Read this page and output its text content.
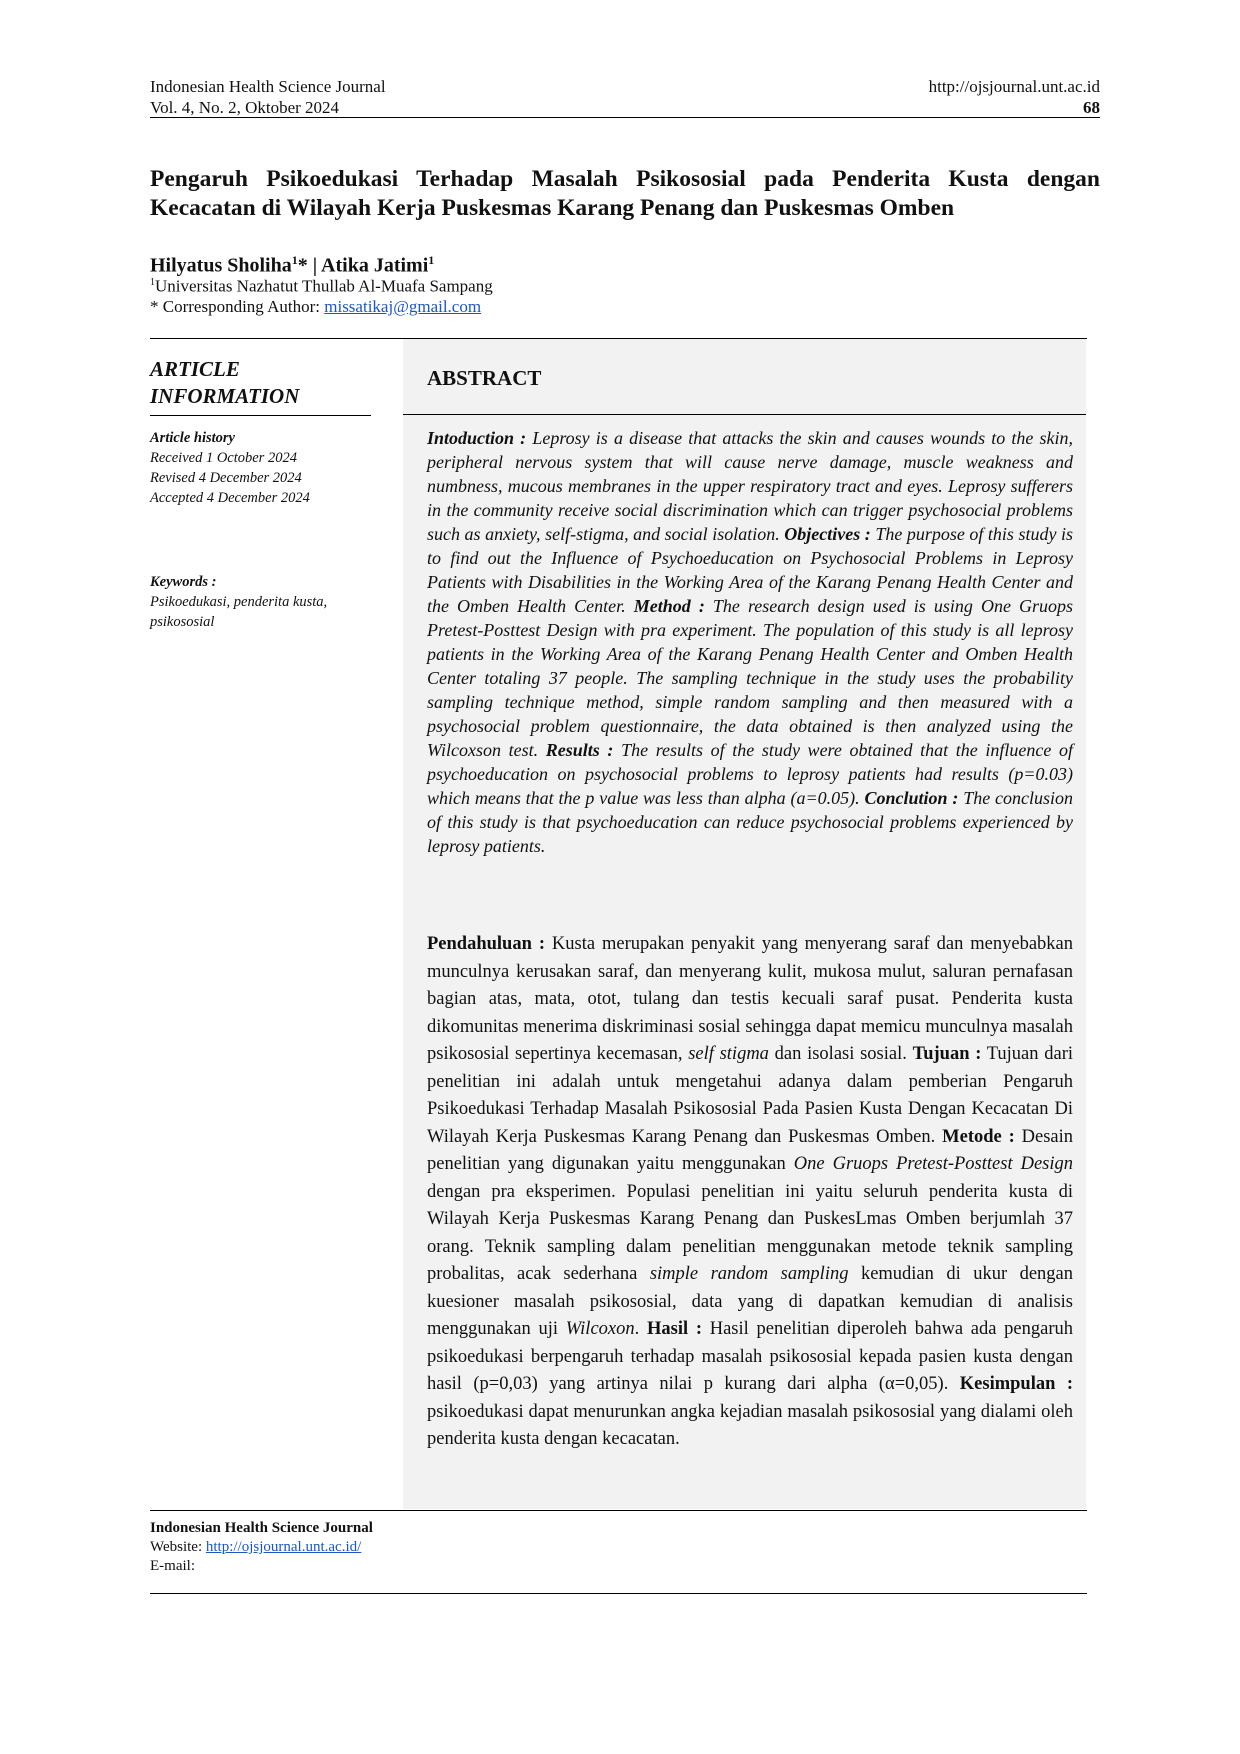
Indonesian Health Science Journal
Vol. 4, No. 2, Oktober 2024
http://ojsjournal.unt.ac.id
68
Pengaruh Psikoedukasi Terhadap Masalah Psikososial pada Penderita Kusta dengan
Kecacatan di Wilayah Kerja Puskesmas Karang Penang dan Puskesmas Omben
Hilyatus Sholiha$^1$* | Atika Jatimi$^1$
$^1$Universitas Nazhatut Thullab Al-Muafa Sampang
* Corresponding Author: missatikaj@gmail.com
ARTICLE INFORMATION
Article history
Received 1 October 2024
Revised 4 December 2024
Accepted 4 December 2024
Keywords :
Psikoedukasi, penderita kusta, psikososial
ABSTRACT
Intoduction : Leprosy is a disease that attacks the skin and causes wounds to the skin, peripheral nervous system that will cause nerve damage, muscle weakness and numbness, mucous membranes in the upper respiratory tract and eyes. Leprosy sufferers in the community receive social discrimination which can trigger psychosocial problems such as anxiety, self-stigma, and social isolation. Objectives : The purpose of this study is to find out the Influence of Psychoeducation on Psychosocial Problems in Leprosy Patients with Disabilities in the Working Area of the Karang Penang Health Center and the Omben Health Center. Method : The research design used is using One Gruops Pretest-Posttest Design with pra experiment. The population of this study is all leprosy patients in the Working Area of the Karang Penang Health Center and Omben Health Center totaling 37 people. The sampling technique in the study uses the probability sampling technique method, simple random sampling and then measured with a psychosocial problem questionnaire, the data obtained is then analyzed using the Wilcoxson test. Results : The results of the study were obtained that the influence of psychoeducation on psychosocial problems to leprosy patients had results (p=0.03) which means that the p value was less than alpha (a=0.05). Conclution : The conclusion of this study is that psychoeducation can reduce psychosocial problems experienced by leprosy patients.
Pendahuluan : Kusta merupakan penyakit yang menyerang saraf dan menyebabkan munculnya kerusakan saraf, dan menyerang kulit, mukosa mulut, saluran pernafasan bagian atas, mata, otot, tulang dan testis kecuali saraf pusat. Penderita kusta dikomunitas menerima diskriminasi sosial sehingga dapat memicu munculnya masalah psikososial sepertinya kecemasan, self stigma dan isolasi sosial. Tujuan : Tujuan dari penelitian ini adalah untuk mengetahui adanya dalam pemberian Pengaruh Psikoedukasi Terhadap Masalah Psikososial Pada Pasien Kusta Dengan Kecacatan Di Wilayah Kerja Puskesmas Karang Penang dan Puskesmas Omben. Metode : Desain penelitian yang digunakan yaitu menggunakan One Gruops Pretest-Posttest Design dengan pra eksperimen. Populasi penelitian ini yaitu seluruh penderita kusta di Wilayah Kerja Puskesmas Karang Penang dan PuskesLmas Omben berjumlah 37 orang. Teknik sampling dalam penelitian menggunakan metode teknik sampling probalitas, acak sederhana simple random sampling kemudian di ukur dengan kuesioner masalah psikososial, data yang di dapatkan kemudian di analisis menggunakan uji Wilcoxon. Hasil : Hasil penelitian diperoleh bahwa ada pengaruh psikoedukasi berpengaruh terhadap masalah psikososial kepada pasien kusta dengan hasil (p=0,03) yang artinya nilai p kurang dari alpha (α=0,05). Kesimpulan : psikoedukasi dapat menurunkan angka kejadian masalah psikososial yang dialami oleh penderita kusta dengan kecacatan.
Indonesian Health Science Journal
Website: http://ojsjournal.unt.ac.id/
E-mail:
